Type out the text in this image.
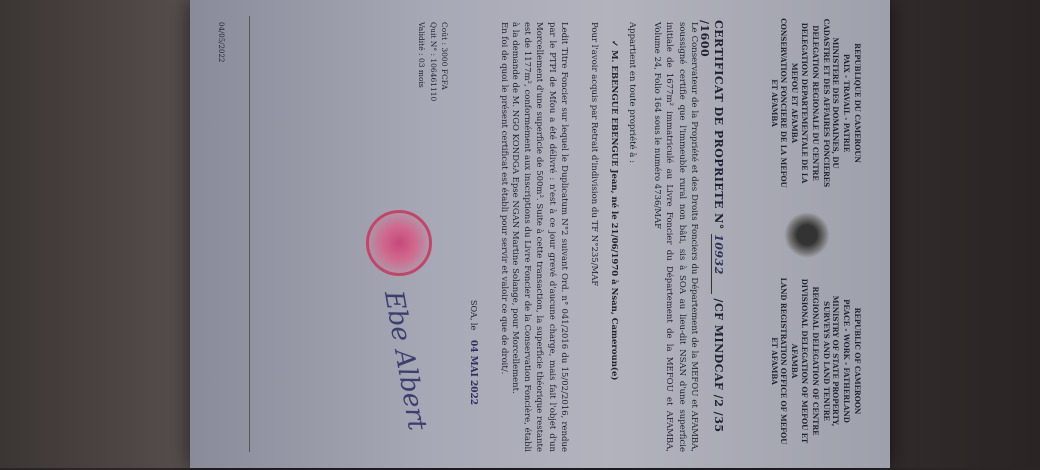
REPUBLIQUE DU CAMEROUN
PAIX - TRAVAIL - PATRIE
MINISTERE DES DOMAINES, DU CADASTRE ET DES AFFAIRES FONCIERES
DELEGATION REGIONALE DU CENTRE
DELEGATION DEPARTEMENTALE DE LA MEFOU ET AFAMBA
CONSERVATION FONCIERE DE LA MEFOU ET AFAMBA
REPUBLIC OF CAMEROON
PEACE - WORK - FATHERLAND
MINISTRY OF STATE PROPERTY, SURVEYS AND LAND TENURE
REGIONAL DELEGATION OF CENTRE
DIVISIONAL DELEGATION OF MEFOU ET AFAMBA
LAND REGISTRATION OFFICE OF MEFOU ET AFAMBA
CERTIFICAT DE PROPRIETE N° 10932 /CF MINDCAF /2 /35 /1600
Le Conservateur de la Propriété et des Droits Fonciers du Département de la MEFOU et AFAMBA, soussigné certifie que l'immeuble rural non bâti, sis à SOA au lieu-dit NSAN d'une superficie initiale de 1677m² immatriculé au Livre Foncier du Département de la MEFOU et AFAMBA, Volume 24, Folio 164 sous le numéro 4736/MAF
Appartient en toute propriété à :
✓ M. EBENGUE EBENGUE Jean, né le 21/06/1970 à Nsan, Cameroun(e)
Pour l'avoir acquis par Retrait d'indivision du TF N°235/MAF
Ledit Titre Foncier sur lequel le Duplicatum N°2 suivant Ord. n° 041/2016 du 15/02/2016, rendue par le PTPI de Mfou a été délivré : n'est à ce jour grevé d'aucune charge, mais fait l'objet d'un Morcellement d'une superficie de 500m². Suite à cette transaction, la superficie théorique restante est de 1177m², conformément aux inscriptions du Livre Foncier de la Conservation Foncière, établi à la demande de M. NGO KONDGA Epse NGAN Martine Solange, pour Morcellement.
En foi de quoi le présent certificat est établi pour servir et valoir ce que de droit/.
Coût : 3000 FCFA
Quit N° : 106461110
Validité : 03 mois
SOA, le
04 MAI 2022
Ebe Albert
04/05/2022
